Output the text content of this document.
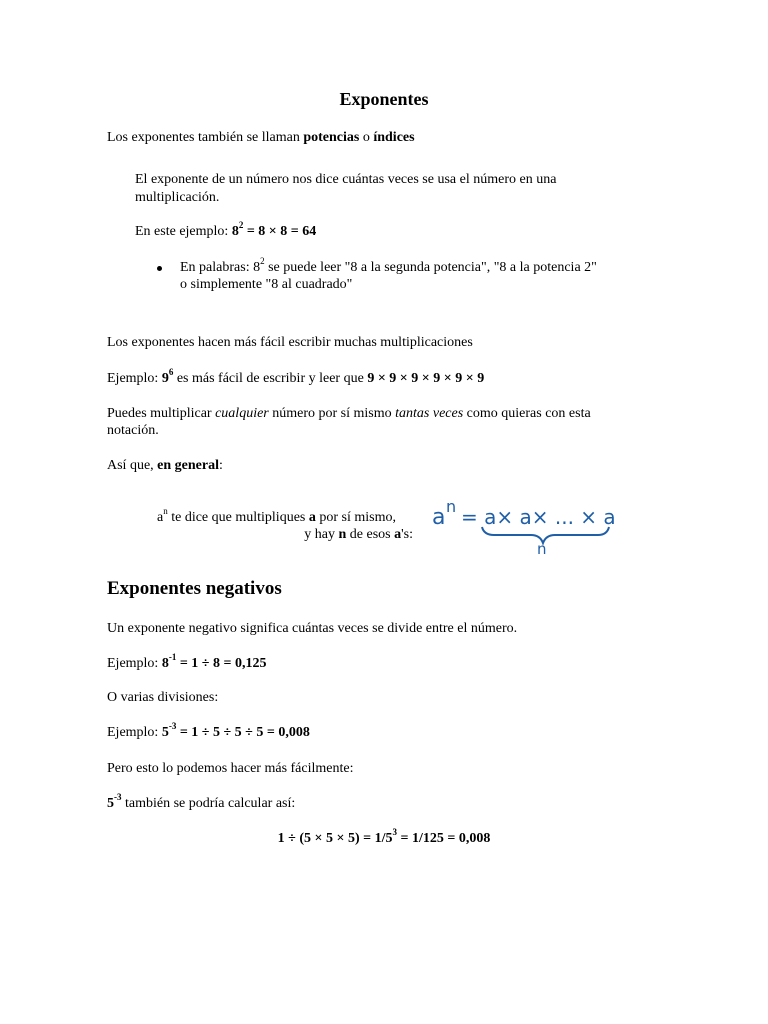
Exponentes
Los exponentes también se llaman potencias o índices
El exponente de un número nos dice cuántas veces se usa el número en una
multiplicación.
En este ejemplo: $8^2 = 8 \times 8 = 64$
En palabras: $8^2$ se puede leer "8 a la segunda potencia", "8 a la potencia 2"
o simplemente "8 al cuadrado"
Los exponentes hacen más fácil escribir muchas multiplicaciones
Ejemplo: $9^6$ es más fácil de escribir y leer que 9 × 9 × 9 × 9 × 9 × 9
Puedes multiplicar cualquier número por sí mismo tantas veces como quieras con esta
notación.
Así que, en general:
$a^n$ te dice que multipliques a por sí mismo,
y hay n de esos a's:
a n = a× a× ... × a
n
Exponentes negativos
Un exponente negativo significa cuántas veces se divide entre el número.
Ejemplo: $8^{-1} = 1 \div 8 = 0,125$
O varias divisiones:
Ejemplo: $5^{-3} = 1 \div 5 \div 5 \div 5 = 0,008$
Pero esto lo podemos hacer más fácilmente:
$5^{-3}$ también se podría calcular así:
$1 \div (5 \times 5 \times 5) = 1/5^3 = 1/125 = 0,008$
